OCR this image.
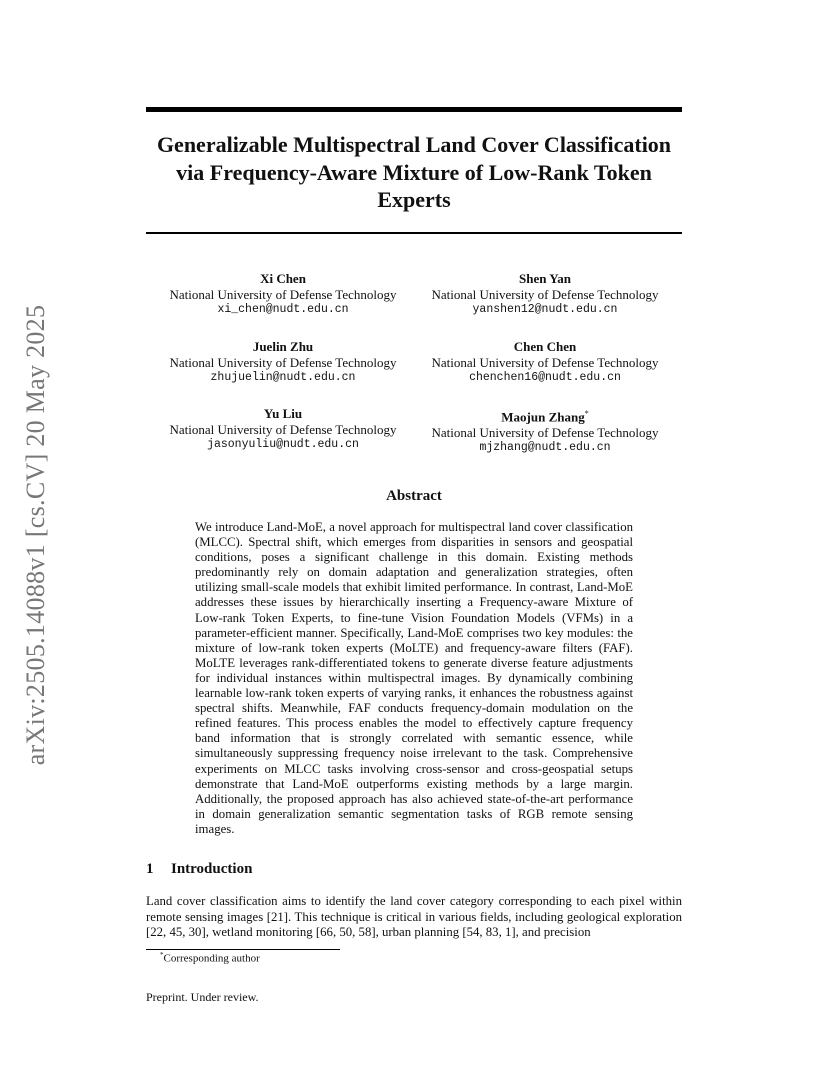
arXiv:2505.14088v1 [cs.CV] 20 May 2025
Generalizable Multispectral Land Cover Classification via Frequency-Aware Mixture of Low-Rank Token Experts
Xi Chen
National University of Defense Technology
xi_chen@nudt.edu.cn
Shen Yan
National University of Defense Technology
yanshen12@nudt.edu.cn
Juelin Zhu
National University of Defense Technology
zhujuelin@nudt.edu.cn
Chen Chen
National University of Defense Technology
chenchen16@nudt.edu.cn
Yu Liu
National University of Defense Technology
jasonyuliu@nudt.edu.cn
Maojun Zhang*
National University of Defense Technology
mjzhang@nudt.edu.cn
Abstract
We introduce Land-MoE, a novel approach for multispectral land cover classification (MLCC). Spectral shift, which emerges from disparities in sensors and geospatial conditions, poses a significant challenge in this domain. Existing methods predominantly rely on domain adaptation and generalization strategies, often utilizing small-scale models that exhibit limited performance. In contrast, Land-MoE addresses these issues by hierarchically inserting a Frequency-aware Mixture of Low-rank Token Experts, to fine-tune Vision Foundation Models (VFMs) in a parameter-efficient manner. Specifically, Land-MoE comprises two key modules: the mixture of low-rank token experts (MoLTE) and frequency-aware filters (FAF). MoLTE leverages rank-differentiated tokens to generate diverse feature adjustments for individual instances within multispectral images. By dynamically combining learnable low-rank token experts of varying ranks, it enhances the robustness against spectral shifts. Meanwhile, FAF conducts frequency-domain modulation on the refined features. This process enables the model to effectively capture frequency band information that is strongly correlated with semantic essence, while simultaneously suppressing frequency noise irrelevant to the task. Comprehensive experiments on MLCC tasks involving cross-sensor and cross-geospatial setups demonstrate that Land-MoE outperforms existing methods by a large margin. Additionally, the proposed approach has also achieved state-of-the-art performance in domain generalization semantic segmentation tasks of RGB remote sensing images.
1 Introduction
Land cover classification aims to identify the land cover category corresponding to each pixel within remote sensing images [21]. This technique is critical in various fields, including geological exploration [22, 45, 30], wetland monitoring [66, 50, 58], urban planning [54, 83, 1], and precision
*Corresponding author
Preprint. Under review.
